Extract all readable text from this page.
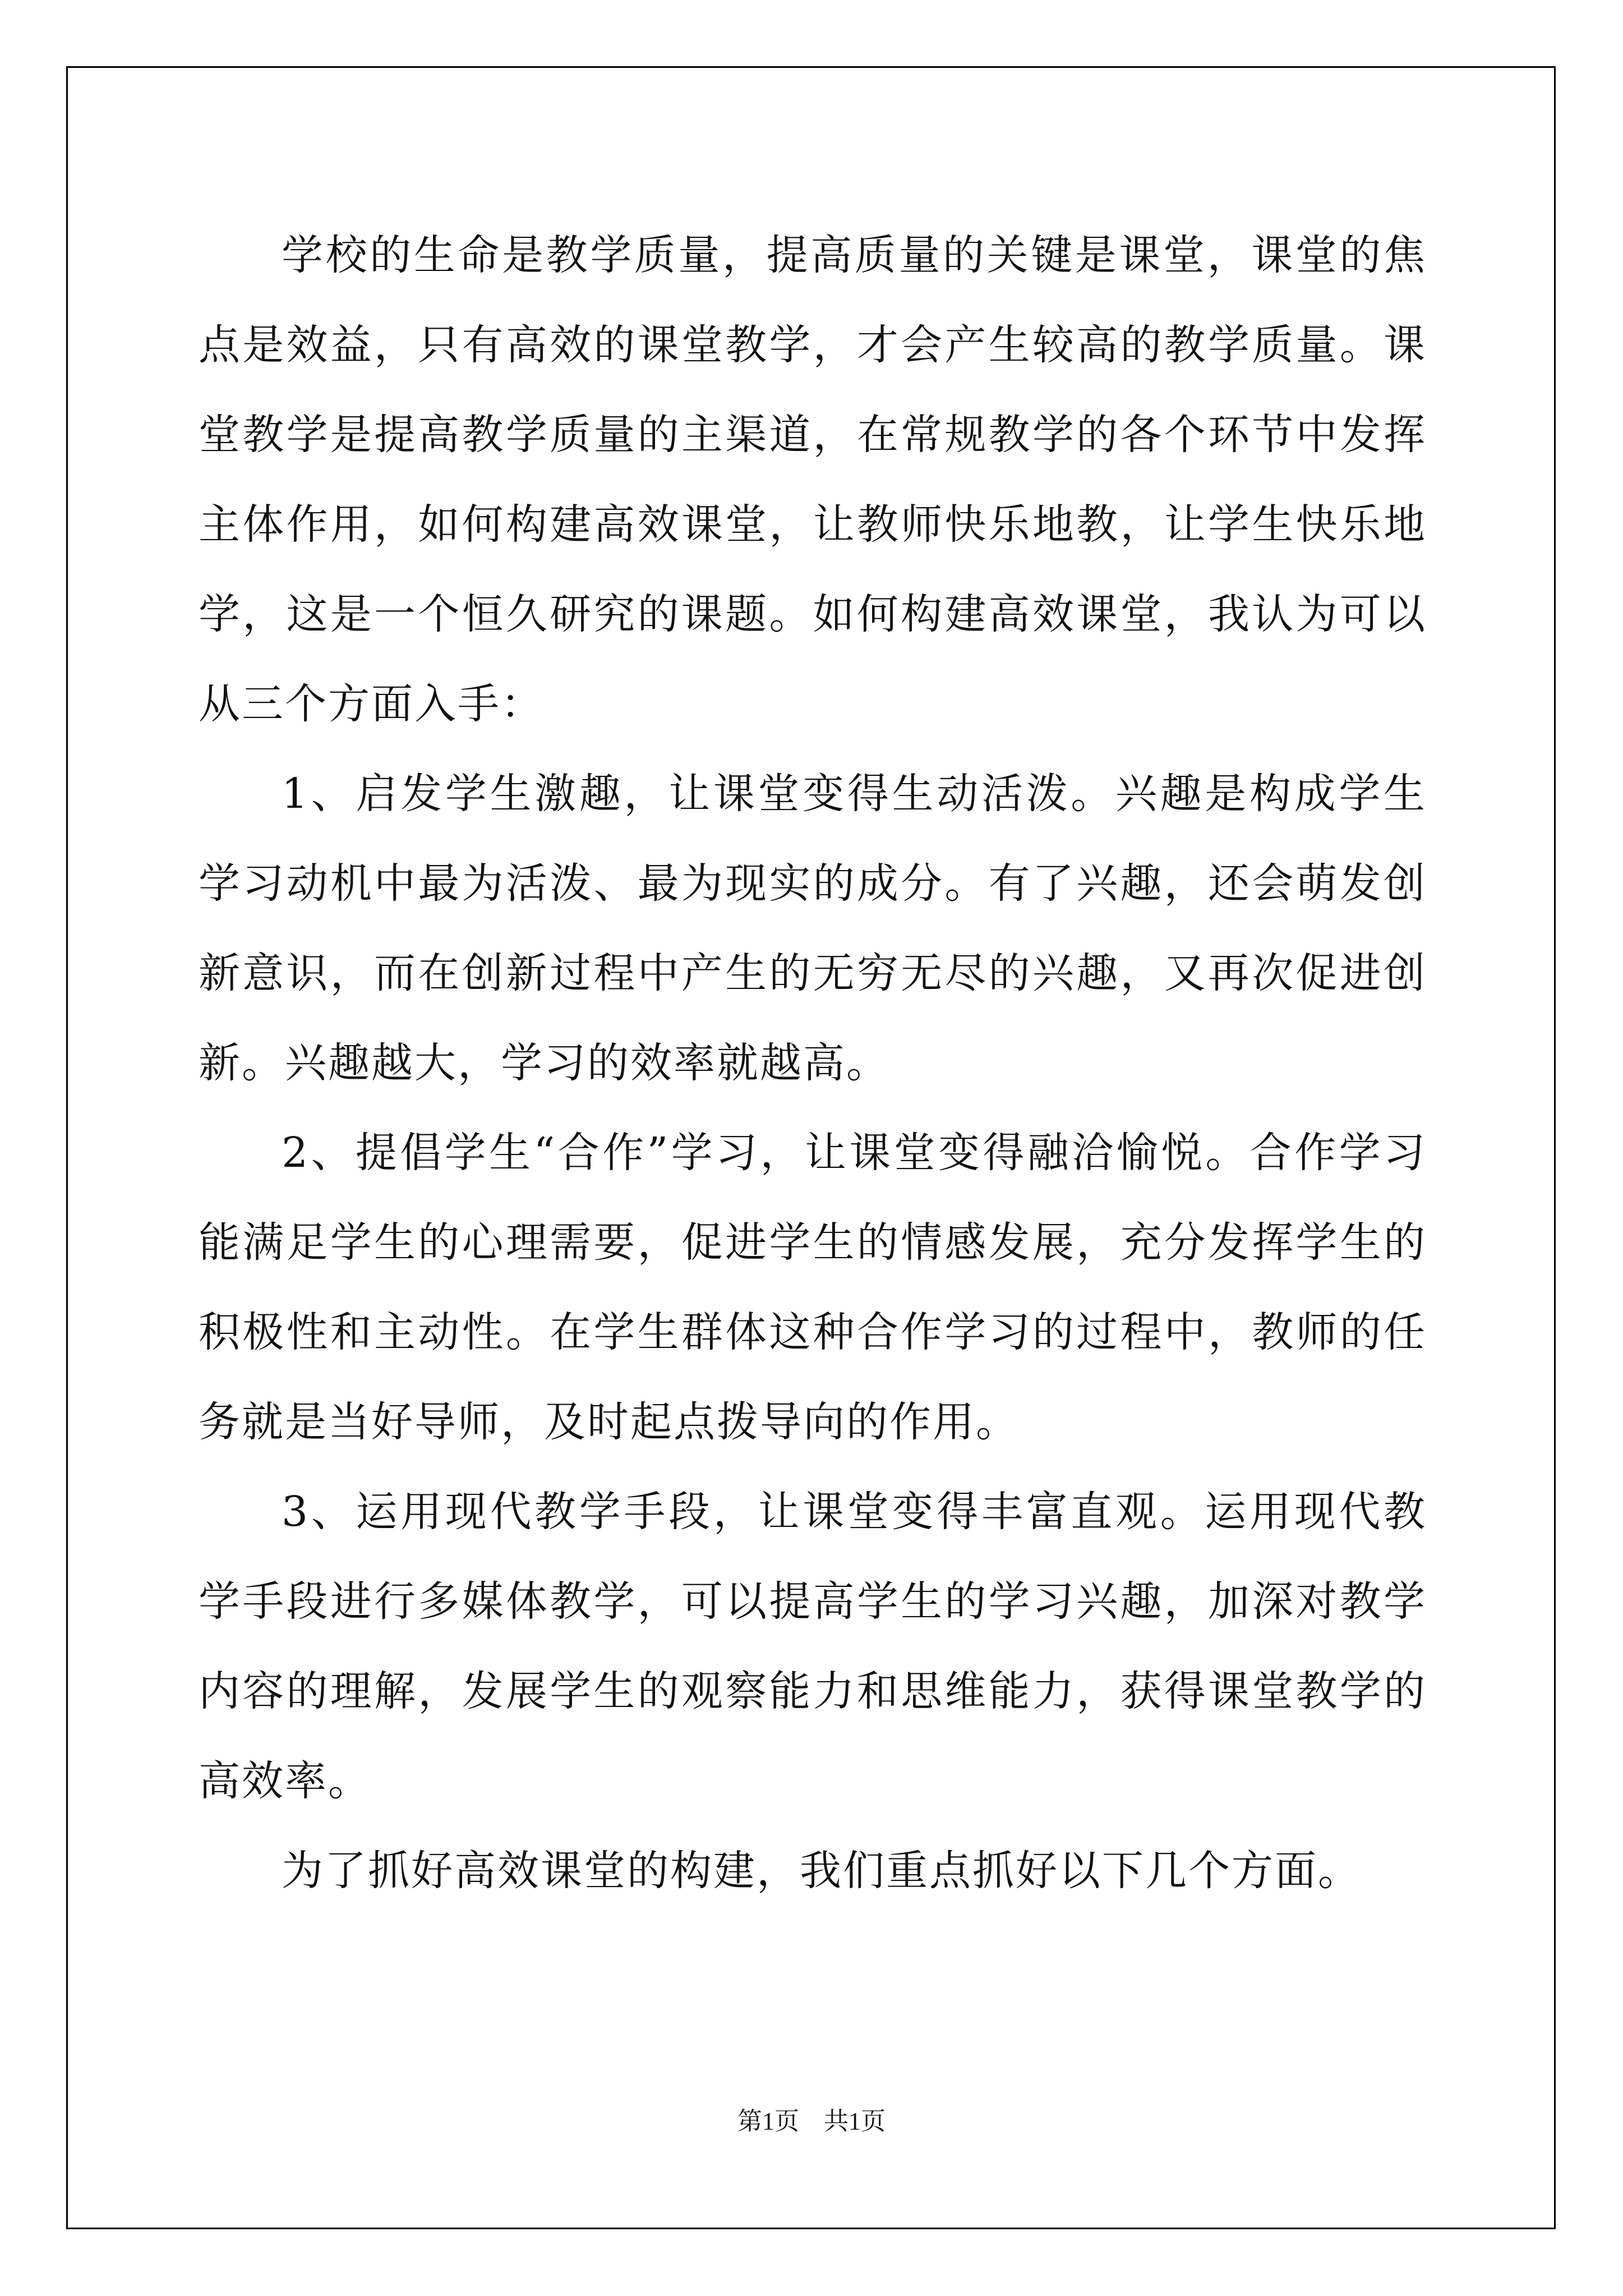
学校的生命是教学质量，提高质量的关键是课堂，课堂的焦点是效益，只有高效的课堂教学，才会产生较高的教学质量。课堂教学是提高教学质量的主渠道，在常规教学的各个环节中发挥主体作用，如何构建高效课堂，让教师快乐地教，让学生快乐地学，这是一个恒久研究的课题。如何构建高效课堂，我认为可以从三个方面入手：

1、启发学生激趣，让课堂变得生动活泼。兴趣是构成学生学习动机中最为活泼、最为现实的成分。有了兴趣，还会萌发创新意识，而在创新过程中产生的无穷无尽的兴趣，又再次促进创新。兴趣越大，学习的效率就越高。

2、提倡学生“合作”学习，让课堂变得融洽愉悦。合作学习能满足学生的心理需要，促进学生的情感发展，充分发挥学生的积极性和主动性。在学生群体这种合作学习的过程中，教师的任务就是当好导师，及时起点拨导向的作用。

3、运用现代教学手段，让课堂变得丰富直观。运用现代教学手段进行多媒体教学，可以提高学生的学习兴趣，加深对教学内容的理解，发展学生的观察能力和思维能力，获得课堂教学的高效率。

为了抓好高效课堂的构建，我们重点抓好以下几个方面。

第1页　共1页
